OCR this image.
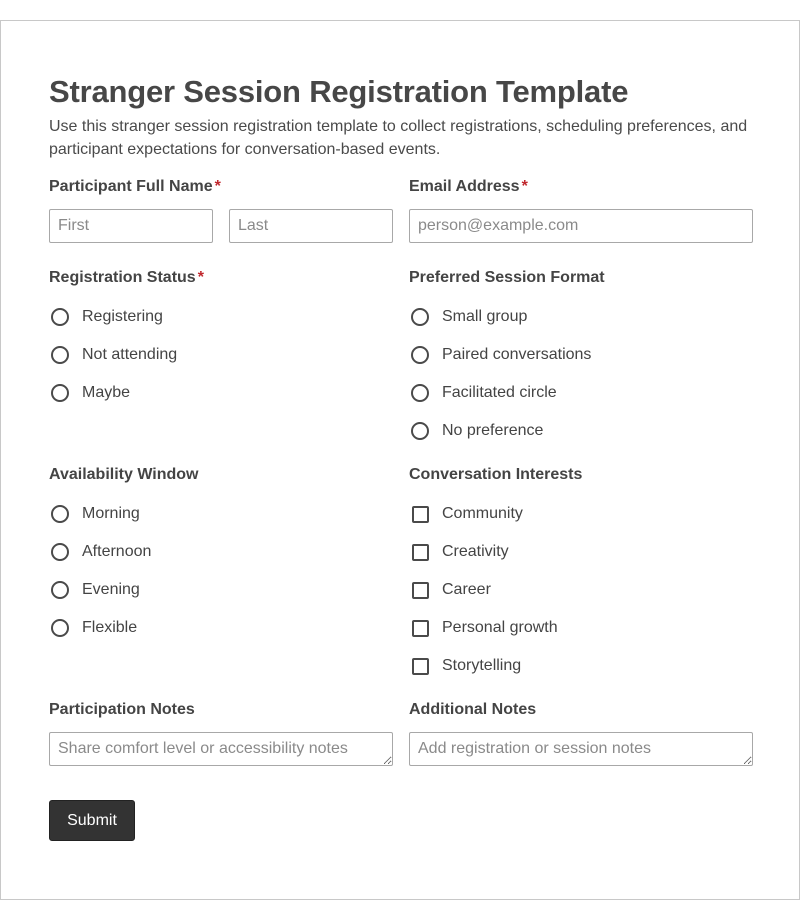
Stranger Session Registration Template

Use this stranger session registration template to collect registrations, scheduling preferences, and participant expectations for conversation-based events.

Participant Full Name *
First
Last	Email Address *
person@example.com
Registration Status *
Registering
Not attending
Maybe
Preferred Session Format
Small group
Paired conversations
Facilitated circle
No preference
Availability Window
Morning
Afternoon
Evening
Flexible
Conversation Interests
Community
Creativity
Career
Personal growth
Storytelling
Participation Notes
Share comfort level or accessibility notes	Additional Notes
Add registration or session notes
Submit
